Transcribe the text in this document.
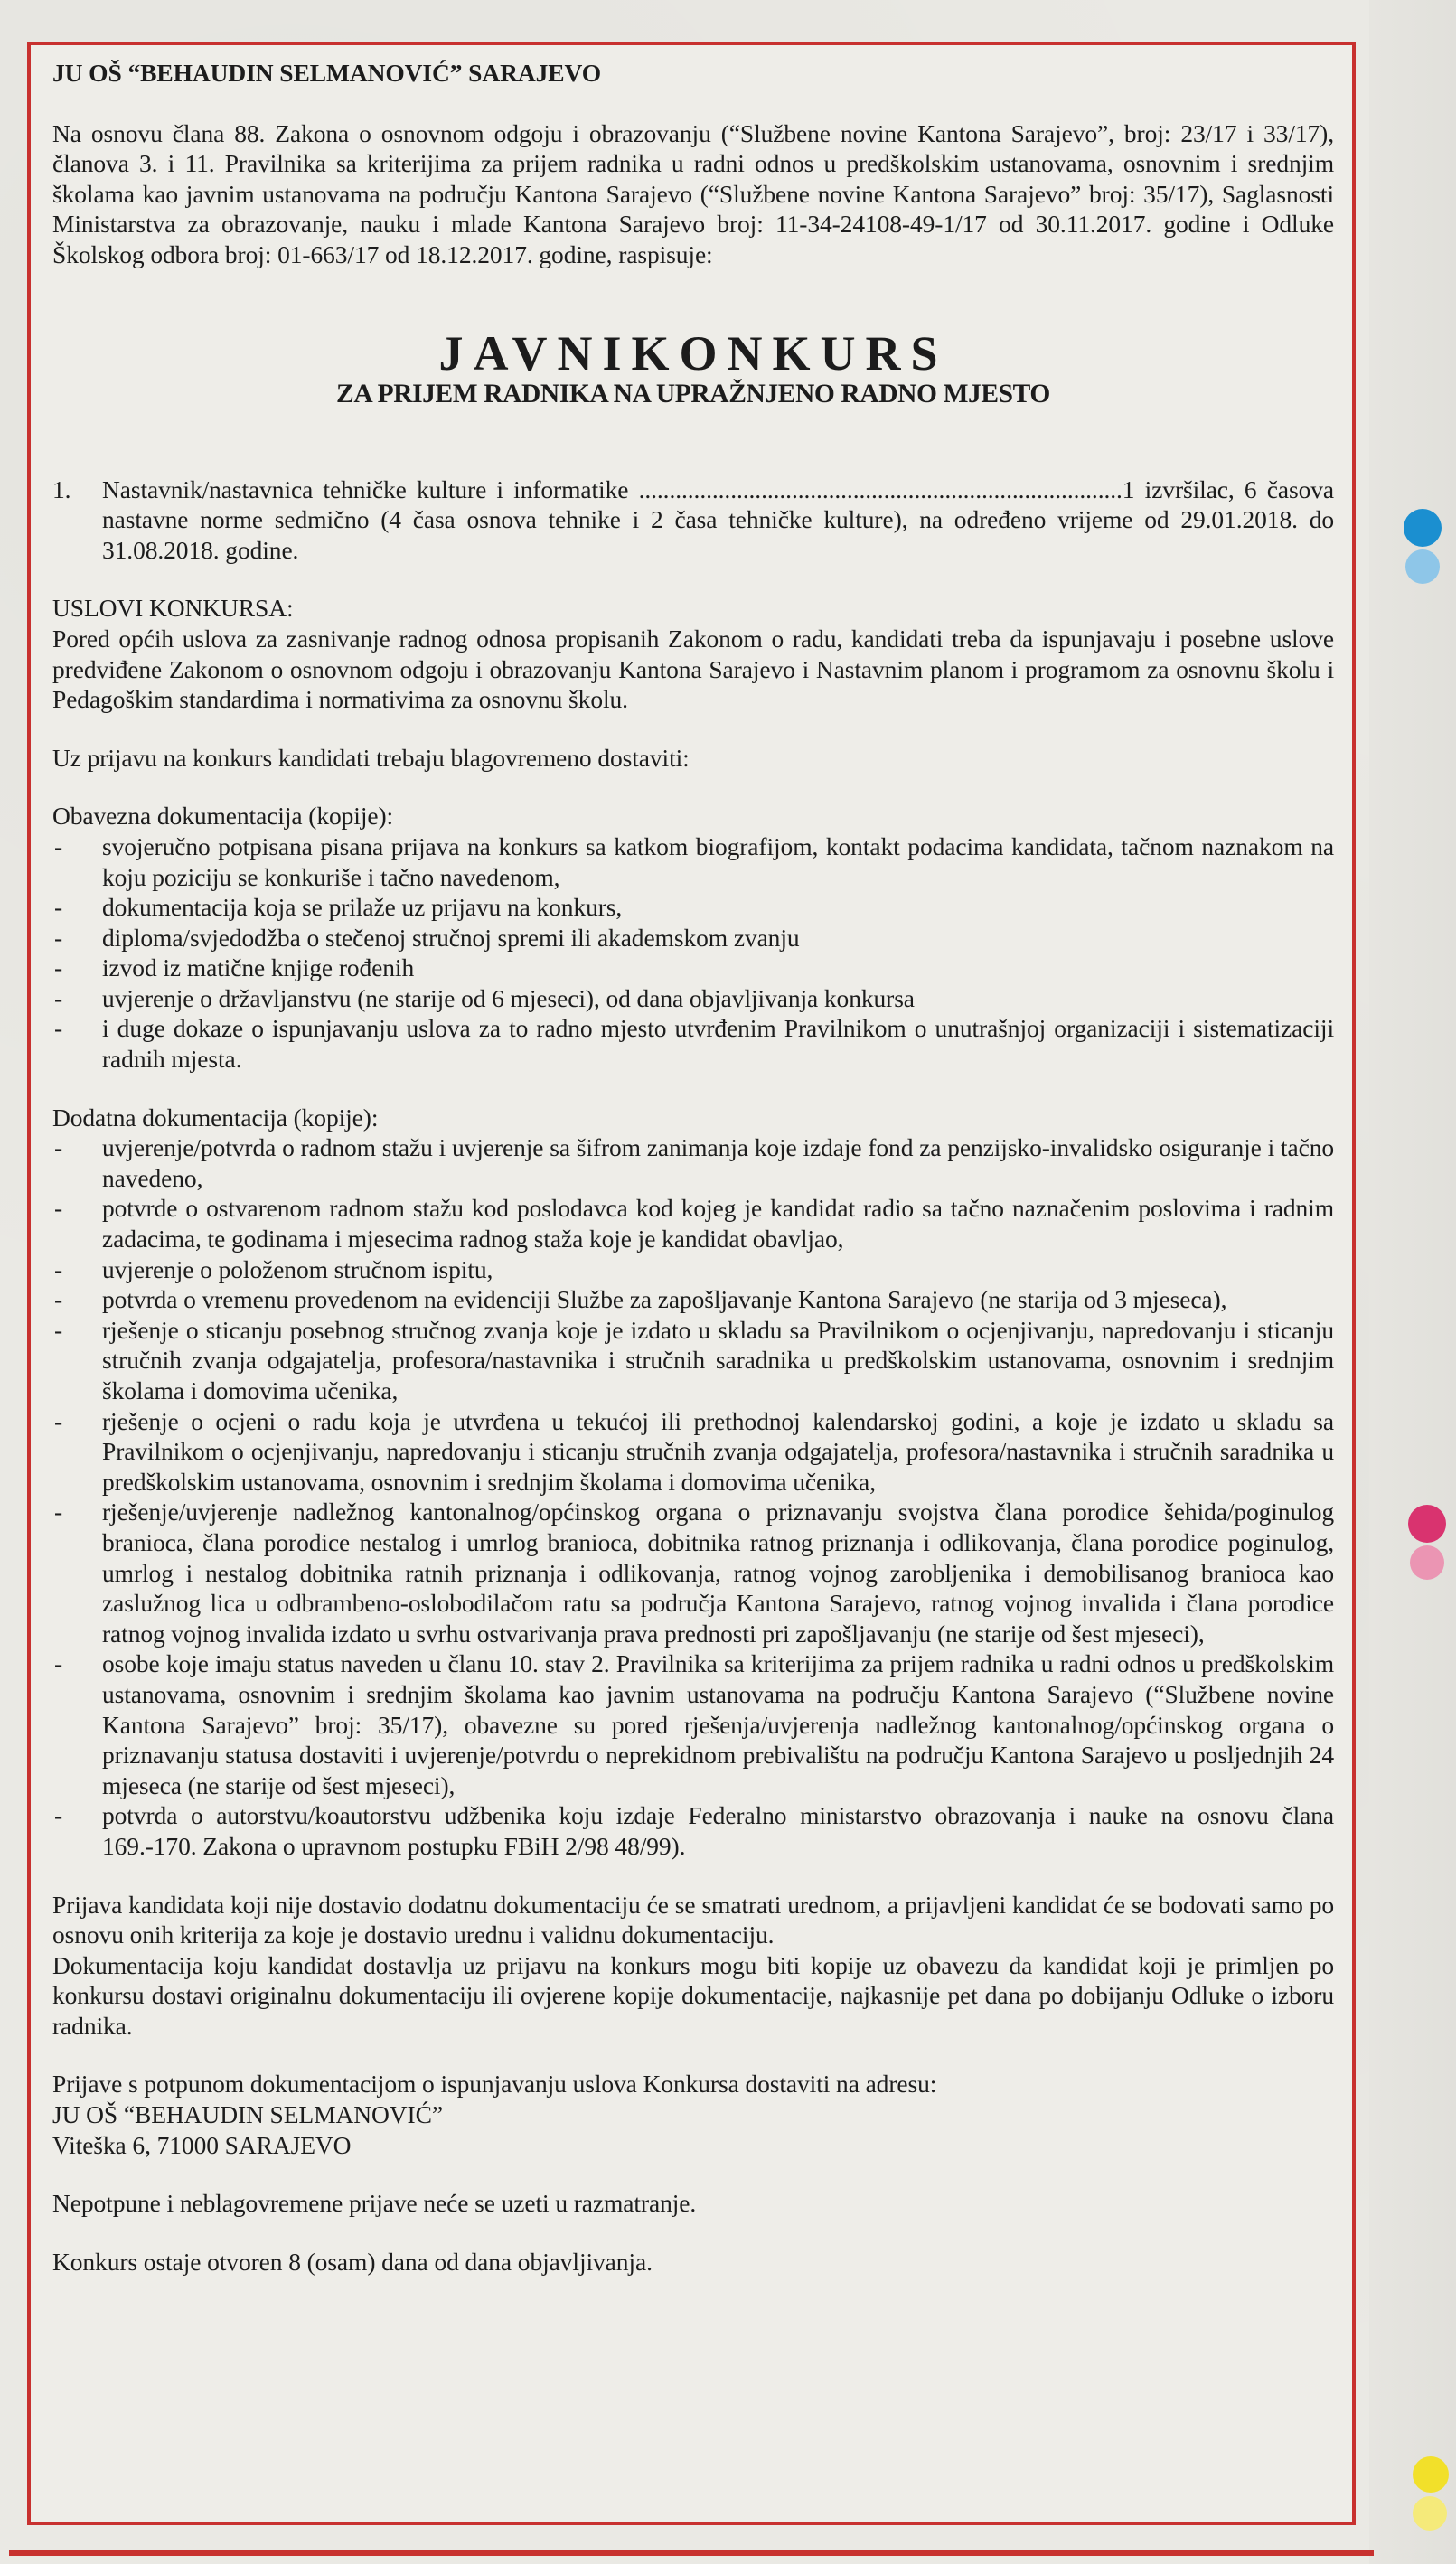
JU OŠ “BEHAUDIN SELMANOVIĆ” SARAJEVO

Na osnovu člana 88. Zakona o osnovnom odgoju i obrazovanju (“Službene novine Kantona Sarajevo”, broj: 23/17 i 33/17), članova 3. i 11. Pravilnika sa kriterijima za prijem radnika u radni odnos u predškolskim ustanovama, osnovnim i srednjim školama kao javnim ustanovama na području Kantona Sarajevo (“Službene novine Kantona Sarajevo” broj: 35/17), Saglasnosti Ministarstva za obrazovanje, nauku i mlade Kantona Sarajevo broj: 11-34-24108-49-1/17 od 30.11.2017. godine i Odluke Školskog odbora broj: 01-663/17 od 18.12.2017. godine, raspisuje:

JAVNIKONKURS
ZA PRIJEM RADNIKA NA UPRAŽNJENO RADNO MJESTO
1.	Nastavnik/nastavnica tehničke kulture i informatike ...............................................................................1 izvršilac, 6 časova nastavne norme sedmično (4 časa osnova tehnike i 2 časa tehničke kulture), na određeno vrijeme od 29.01.2018. do 31.08.2018. godine.

USLOVI KONKURSA:

Pored općih uslova za zasnivanje radnog odnosa propisanih Zakonom o radu, kandidati treba da ispunjavaju i posebne uslove predviđene Zakonom o osnovnom odgoju i obrazovanju Kantona Sarajevo i Nastavnim planom i programom za osnovnu školu i Pedagoškim standardima i normativima za osnovnu školu.

Uz prijavu na konkurs kandidati trebaju blagovremeno dostaviti:

Obavezna dokumentacija (kopije):

- svojeručno potpisana pisana prijava na konkurs sa katkom biografijom, kontakt podacima kandidata, tačnom naznakom na koju poziciju se konkuriše i tačno navedenom,
- dokumentacija koja se prilaže uz prijavu na konkurs,
- diploma/svjedodžba o stečenoj stručnoj spremi ili akademskom zvanju
- izvod iz matične knjige rođenih
- uvjerenje o državljanstvu (ne starije od 6 mjeseci), od dana objavljivanja konkursa
- i duge dokaze o ispunjavanju uslova za to radno mjesto utvrđenim Pravilnikom o unutrašnjoj organizaciji i sistematizaciji radnih mjesta.

Dodatna dokumentacija (kopije):

- uvjerenje/potvrda o radnom stažu i uvjerenje sa šifrom zanimanja koje izdaje fond za penzijsko-invalidsko osiguranje i tačno navedeno,
- potvrde o ostvarenom radnom stažu kod poslodavca kod kojeg je kandidat radio sa tačno naznačenim poslovima i radnim zadacima, te godinama i mjesecima radnog staža koje je kandidat obavljao,
- uvjerenje o položenom stručnom ispitu,
- potvrda o vremenu provedenom na evidenciji Službe za zapošljavanje Kantona Sarajevo (ne starija od 3 mjeseca),
- rješenje o sticanju posebnog stručnog zvanja koje je izdato u skladu sa Pravilnikom o ocjenjivanju, napredovanju i sticanju stručnih zvanja odgajatelja, profesora/nastavnika i stručnih saradnika u predškolskim ustanovama, osnovnim i srednjim školama i domovima učenika,
- rješenje o ocjeni o radu koja je utvrđena u tekućoj ili prethodnoj kalendarskoj godini, a koje je izdato u skladu sa Pravilnikom o ocjenjivanju, napredovanju i sticanju stručnih zvanja odgajatelja, profesora/nastavnika i stručnih saradnika u predškolskim ustanovama, osnovnim i srednjim školama i domovima učenika,
- rješenje/uvjerenje nadležnog kantonalnog/općinskog organa o priznavanju svojstva člana porodice šehida/poginulog branioca, člana porodice nestalog i umrlog branioca, dobitnika ratnog priznanja i odlikovanja, člana porodice poginulog, umrlog i nestalog dobitnika ratnih priznanja i odlikovanja, ratnog vojnog zarobljenika i demobilisanog branioca kao zaslužnog lica u odbrambeno-oslobodilačom ratu sa područja Kantona Sarajevo, ratnog vojnog invalida i člana porodice ratnog vojnog invalida izdato u svrhu ostvarivanja prava prednosti pri zapošljavanju (ne starije od šest mjeseci),
- osobe koje imaju status naveden u članu 10. stav 2. Pravilnika sa kriterijima za prijem radnika u radni odnos u predškolskim ustanovama, osnovnim i srednjim školama kao javnim ustanovama na području Kantona Sarajevo (“Službene novine Kantona Sarajevo” broj: 35/17), obavezne su pored rješenja/uvjerenja nadležnog kantonalnog/općinskog organa o priznavanju statusa dostaviti i uvjerenje/potvrdu o neprekidnom prebivalištu na području Kantona Sarajevo u posljednjih 24 mjeseca (ne starije od šest mjeseci),
- potvrda o autorstvu/koautorstvu udžbenika koju izdaje Federalno ministarstvo obrazovanja i nauke na osnovu člana 169.-170. Zakona o upravnom postupku FBiH 2/98 48/99).

Prijava kandidata koji nije dostavio dodatnu dokumentaciju će se smatrati urednom, a prijavljeni kandidat će se bodovati samo po osnovu onih kriterija za koje je dostavio urednu i validnu dokumentaciju.

Dokumentacija koju kandidat dostavlja uz prijavu na konkurs mogu biti kopije uz obavezu da kandidat koji je primljen po konkursu dostavi originalnu dokumentaciju ili ovjerene kopije dokumentacije, najkasnije pet dana po dobijanju Odluke o izboru radnika.

Prijave s potpunom dokumentacijom o ispunjavanju uslova Konkursa dostaviti na adresu:

JU OŠ “BEHAUDIN SELMANOVIĆ”

Viteška 6, 71000 SARAJEVO

Nepotpune i neblagovremene prijave neće se uzeti u razmatranje.

Konkurs ostaje otvoren 8 (osam) dana od dana objavljivanja.
